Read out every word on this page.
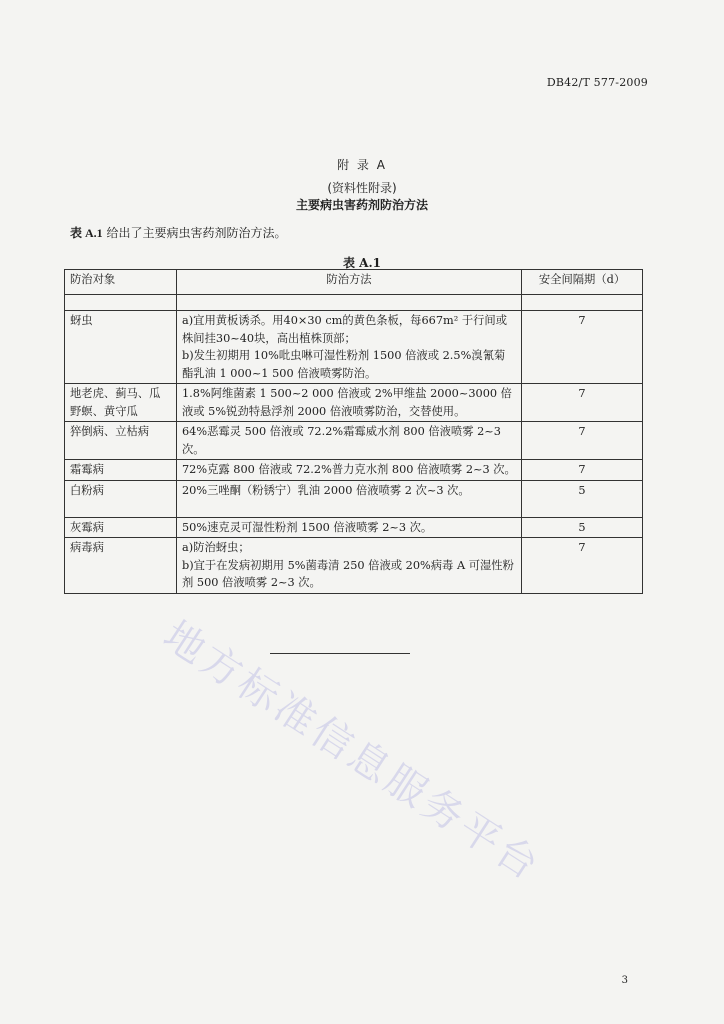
DB42/T 577-2009
附 录 A
(资料性附录)
主要病虫害药剂防治方法
表 A.1 给出了主要病虫害药剂防治方法。
表 A.1
防治对象	防治方法	安全间隔期（d）

蚜虫	a)宜用黄板诱杀。用40×30 cm的黄色条板，每667m² 于行间或株间挂30~40块，高出植株顶部；
b)发生初期用 10%吡虫啉可湿性粉剂 1500 倍液或 2.5%溴氰菊酯乳油 1 000~1 500 倍液喷雾防治。	7
地老虎、蓟马、瓜野螟、黄守瓜	1.8%阿维菌素 1 500~2 000 倍液或 2%甲维盐 2000~3000 倍液或 5%锐劲特悬浮剂 2000 倍液喷雾防治，交替使用。	7
猝倒病、立枯病	64%恶霉灵 500 倍液或 72.2%霜霉威水剂 800 倍液喷雾 2~3 次。	7
霜霉病	72%克露 800 倍液或 72.2%普力克水剂 800 倍液喷雾 2~3 次。	7
白粉病	20%三唑酮（粉锈宁）乳油 2000 倍液喷雾 2 次~3 次。	5
灰霉病	50%速克灵可湿性粉剂 1500 倍液喷雾 2~3 次。	5
病毒病	a)防治蚜虫；
b)宜于在发病初期用 5%菌毒清 250 倍液或 20%病毒 A 可湿性粉剂 500 倍液喷雾 2~3 次。	7
地方标准信息服务平台
3
